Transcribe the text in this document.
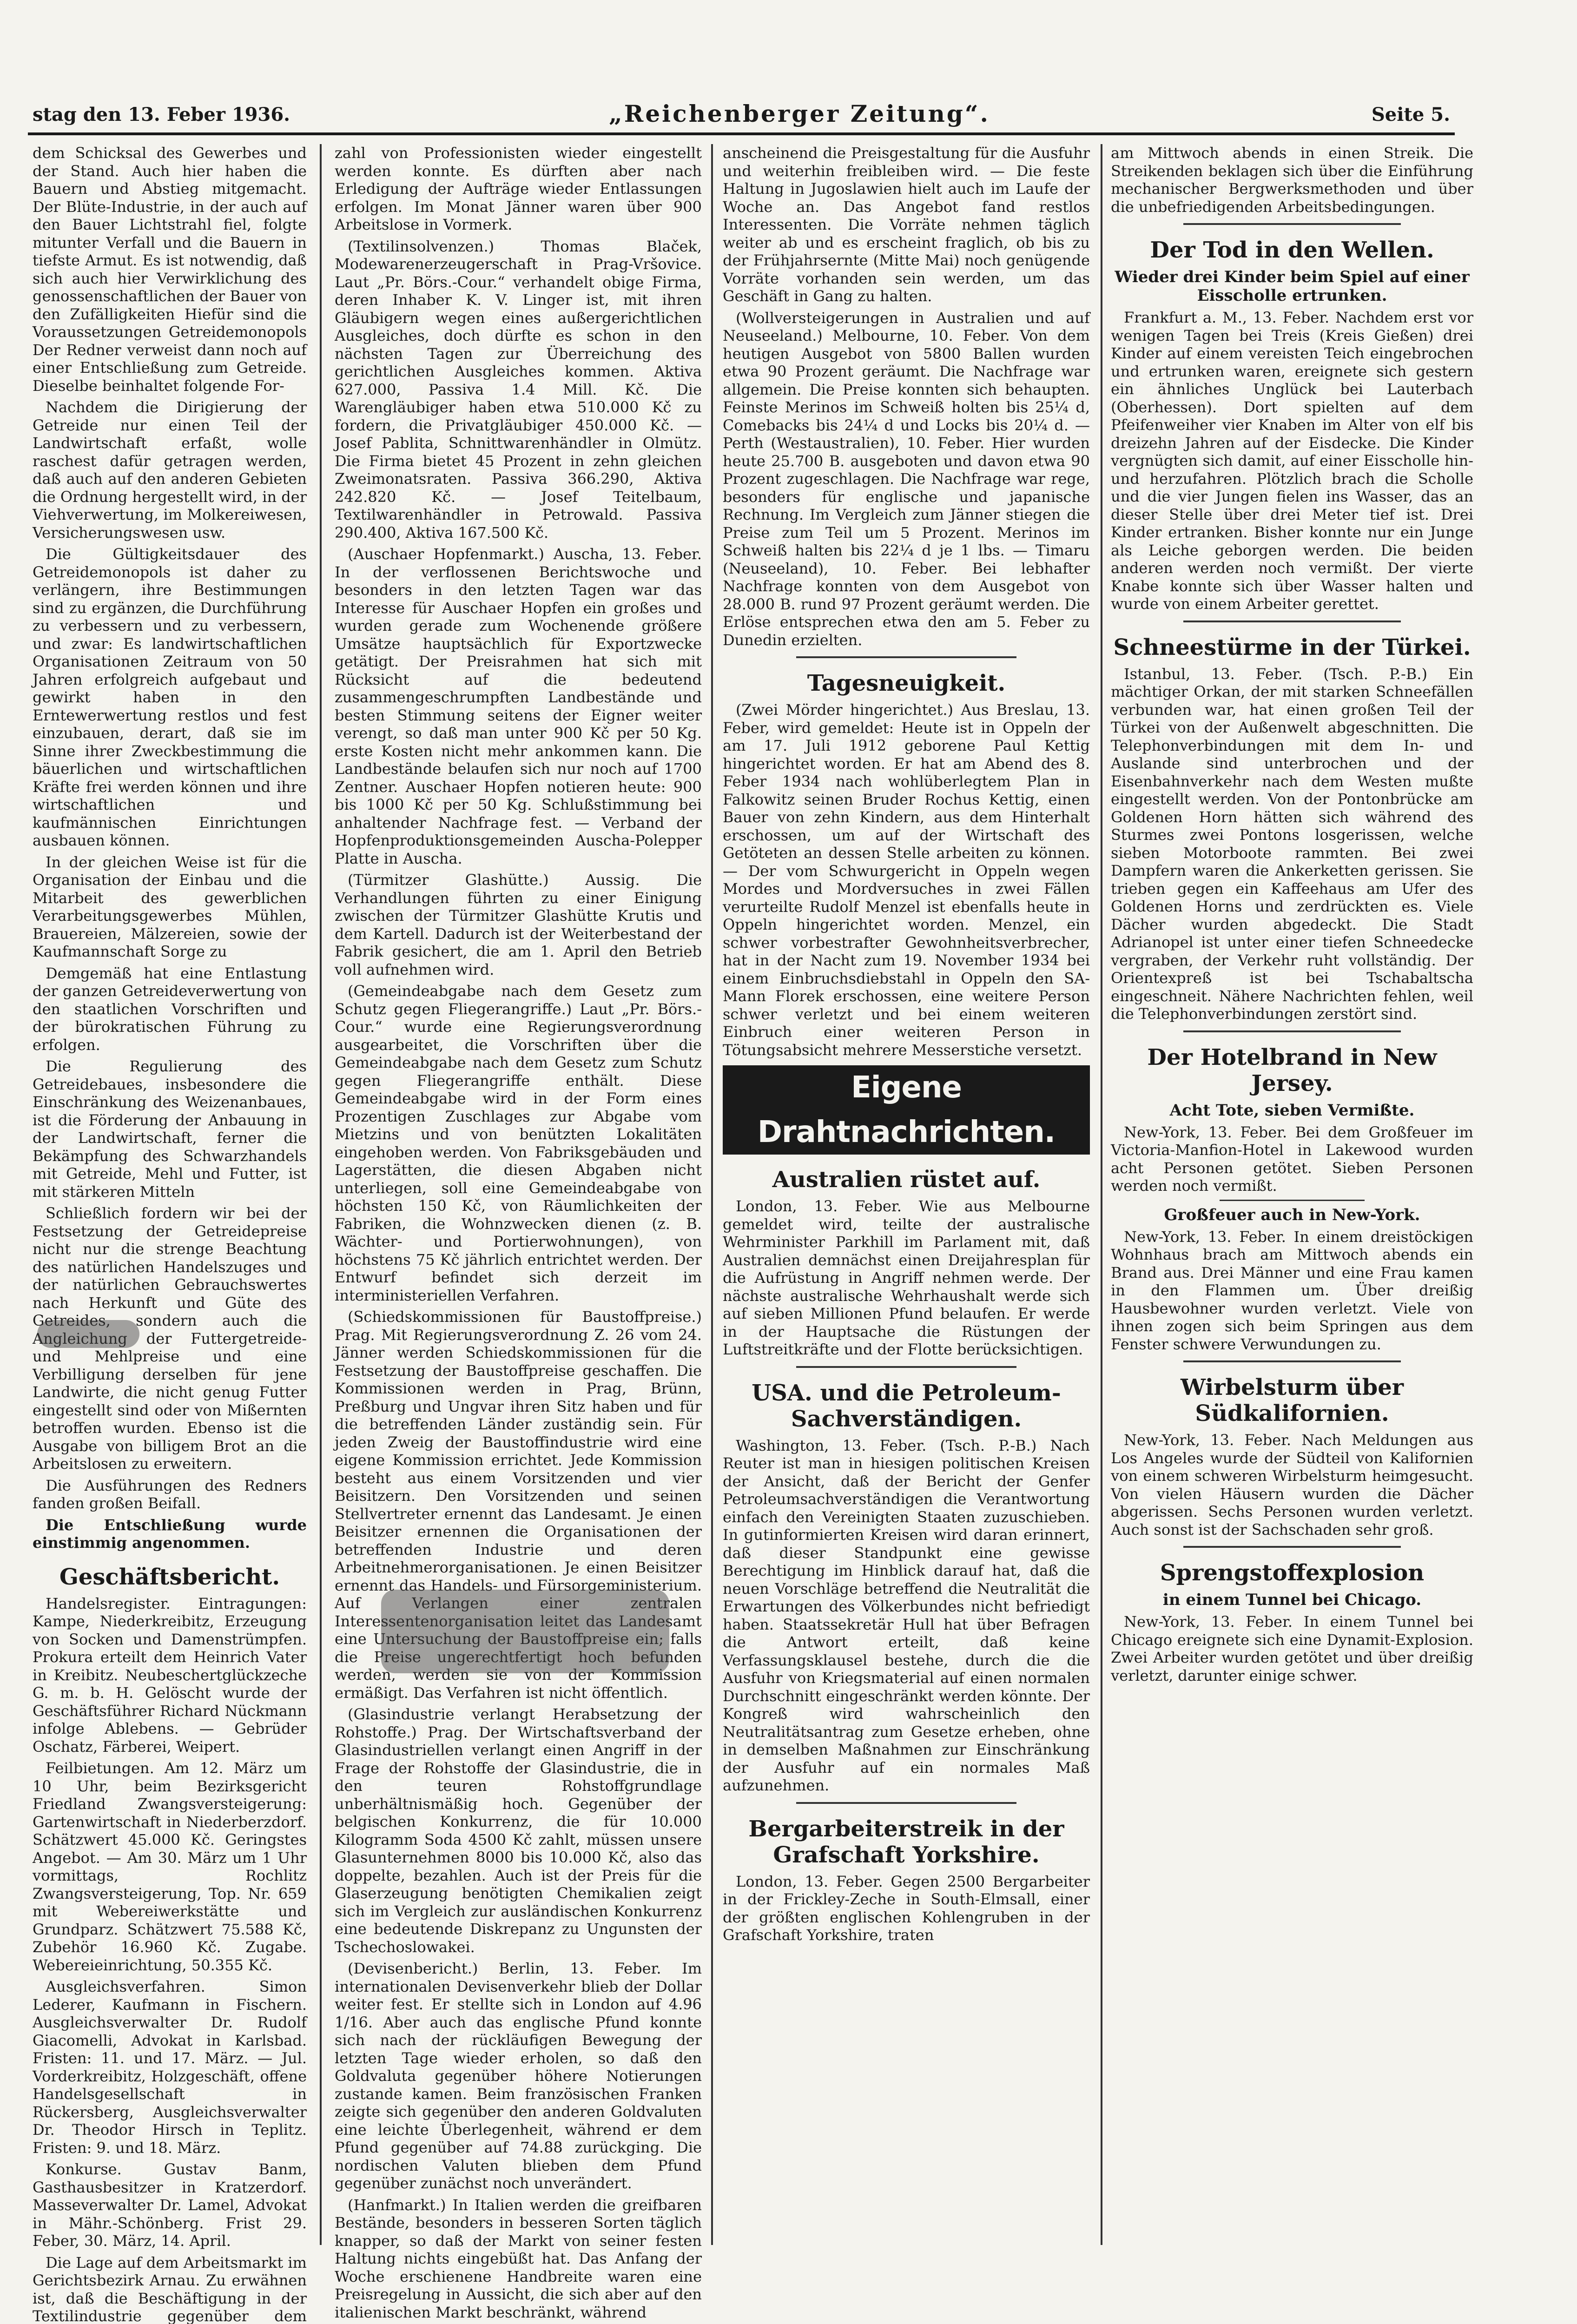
stag den 13. Feber 1936.	„Reichenberger Zeitung“.	Seite 5.

dem Schicksal des Gewerbes und der Stand. Auch hier haben die Bauern und Abstieg mitgemacht. Der Blüte-Industrie, in der auch auf den Bauer Lichtstrahl fiel, folgte mitunter Verfall und die Bauern in tiefste Armut. Es ist notwendig, daß sich auch hier Verwirklichung des genossenschaftlichen der Bauer von den Zufälligkeiten Hiefür sind die Voraussetzungen Getreidemonopols Der Redner verweist dann noch auf einer Entschließung zum Getreide. Dieselbe beinhaltet folgende For-

Nachdem die Dirigierung der Getreide nur einen Teil der Landwirtschaft erfaßt, wolle raschest dafür getragen werden, daß auch auf den anderen Gebieten die Ordnung hergestellt wird, in der Viehverwertung, im Molkereiwesen, Versicherungswesen usw.

Die Gültigkeitsdauer des Getreidemonopols ist daher zu verlängern, ihre Bestimmungen sind zu ergänzen, die Durchführung zu verbessern und zu verbessern, und zwar: Es landwirtschaftlichen Organisationen Zeitraum von 50 Jahren erfolgreich aufgebaut und gewirkt haben in den Erntewerwertung restlos und fest einzubauen, derart, daß sie im Sinne ihrer Zweckbestimmung die bäuerlichen und wirtschaftlichen Kräfte frei werden können und ihre wirtschaftlichen und kaufmännischen Einrichtungen ausbauen können.

In der gleichen Weise ist für die Organisation der Einbau und die Mitarbeit des gewerblichen Verarbeitungsgewerbes Mühlen, Brauereien, Mälzereien, sowie der Kaufmannschaft Sorge zu

Demgemäß hat eine Entlastung der ganzen Getreideverwertung von den staatlichen Vorschriften und der bürokratischen Führung zu erfolgen.

Die Regulierung des Getreidebaues, insbesondere die Einschränkung des Weizenanbaues, ist die Förderung der Anbauung in der Landwirtschaft, ferner die Bekämpfung des Schwarzhandels mit Getreide, Mehl und Futter, ist mit stärkeren Mitteln

Schließlich fordern wir bei der Festsetzung der Getreidepreise nicht nur die strenge Beachtung des natürlichen Handelszuges und der natürlichen Gebrauchswertes nach Herkunft und Güte des Getreides, sondern auch die Angleichung der Futtergetreide- und Mehlpreise und eine Verbilligung derselben für jene Landwirte, die nicht genug Futter eingestellt sind oder von Mißernten betroffen wurden. Ebenso ist die Ausgabe von billigem Brot an die Arbeitslosen zu erweitern.

Die Ausführungen des Redners fanden großen Beifall.

Die Entschließung wurde einstimmig angenommen.

Geschäftsbericht.

Handelsregister. Eintragungen: Kampe, Niederkreibitz, Erzeugung von Socken und Damenstrümpfen. Prokura erteilt dem Heinrich Vater in Kreibitz. Neubeschertglückzeche G. m. b. H. Gelöscht wurde der Geschäftsführer Richard Nückmann infolge Ablebens. — Gebrüder Oschatz, Färberei, Weipert.

Feilbietungen. Am 12. März um 10 Uhr, beim Bezirksgericht Friedland Zwangsversteigerung: Gartenwirtschaft in Niederberzdorf. Schätzwert 45.000 Kč. Geringstes Angebot. — Am 30. März um 1 Uhr vormittags, Rochlitz Zwangsversteigerung, Top. Nr. 659 mit Webereiwerkstätte und Grundparz. Schätzwert 75.588 Kč, Zubehör 16.960 Kč. Zugabe. Webereieinrichtung, 50.355 Kč.

Ausgleichsverfahren. Simon Lederer, Kaufmann in Fischern. Ausgleichsverwalter Dr. Rudolf Giacomelli, Advokat in Karlsbad. Fristen: 11. und 17. März. — Jul. Vorderkreibitz, Holzgeschäft, offene Handelsgesellschaft in Rückersberg, Ausgleichsverwalter Dr. Theodor Hirsch in Teplitz. Fristen: 9. und 18. März.

Konkurse. Gustav Banm, Gasthausbesitzer in Kratzerdorf. Masseverwalter Dr. Lamel, Advokat in Mähr.-Schönberg. Frist 29. Feber, 30. März, 14. April.

Die Lage auf dem Arbeitsmarkt im Gerichtsbezirk Arnau. Zu erwähnen ist, daß die Beschäftigung in der Textilindustrie gegenüber dem

zahl von Professionisten wieder eingestellt werden konnte. Es dürften aber nach Erledigung der Aufträge wieder Entlassungen erfolgen. Im Monat Jänner waren über 900 Arbeitslose in Vormerk.

(Textilinsolvenzen.) Thomas Blaček, Modewarenerzeugerschaft in Prag-Vršovice. Laut „Pr. Börs.-Cour.“ verhandelt obige Firma, deren Inhaber K. V. Linger ist, mit ihren Gläubigern wegen eines außergerichtlichen Ausgleiches, doch dürfte es schon in den nächsten Tagen zur Überreichung des gerichtlichen Ausgleiches kommen. Aktiva 627.000, Passiva 1.4 Mill. Kč. Die Warengläubiger haben etwa 510.000 Kč zu fordern, die Privatgläubiger 450.000 Kč. — Josef Pablita, Schnittwarenhändler in Olmütz. Die Firma bietet 45 Prozent in zehn gleichen Zweimonatsraten. Passiva 366.290, Aktiva 242.820 Kč. — Josef Teitelbaum, Textilwarenhändler in Petrowald. Passiva 290.400, Aktiva 167.500 Kč.

(Auschaer Hopfenmarkt.) Auscha, 13. Feber. In der verflossenen Berichtswoche und besonders in den letzten Tagen war das Interesse für Auschaer Hopfen ein großes und wurden gerade zum Wochenende größere Umsätze hauptsächlich für Exportzwecke getätigt. Der Preisrahmen hat sich mit Rücksicht auf die bedeutend zusammengeschrumpften Landbestände und besten Stimmung seitens der Eigner weiter verengt, so daß man unter 900 Kč per 50 Kg. erste Kosten nicht mehr ankommen kann. Die Landbestände belaufen sich nur noch auf 1700 Zentner. Auschaer Hopfen notieren heute: 900 bis 1000 Kč per 50 Kg. Schlußstimmung bei anhaltender Nachfrage fest. — Verband der Hopfenproduktionsgemeinden Auscha-Polepper Platte in Auscha.

(Türmitzer Glashütte.) Aussig. Die Verhandlungen führten zu einer Einigung zwischen der Türmitzer Glashütte Krutis und dem Kartell. Dadurch ist der Weiterbestand der Fabrik gesichert, die am 1. April den Betrieb voll aufnehmen wird.

(Gemeindeabgabe nach dem Gesetz zum Schutz gegen Fliegerangriffe.) Laut „Pr. Börs.-Cour.“ wurde eine Regierungsverordnung ausgearbeitet, die Vorschriften über die Gemeindeabgabe nach dem Gesetz zum Schutz gegen Fliegerangriffe enthält. Diese Gemeindeabgabe wird in der Form eines Prozentigen Zuschlages zur Abgabe vom Mietzins und von benützten Lokalitäten eingehoben werden. Von Fabriksgebäuden und Lagerstätten, die diesen Abgaben nicht unterliegen, soll eine Gemeindeabgabe von höchsten 150 Kč, von Räumlichkeiten der Fabriken, die Wohnzwecken dienen (z. B. Wächter- und Portierwohnungen), von höchstens 75 Kč jährlich entrichtet werden. Der Entwurf befindet sich derzeit im interministeriellen Verfahren.

(Schiedskommissionen für Baustoffpreise.) Prag. Mit Regierungsverordnung Z. 26 vom 24. Jänner werden Schiedskommissionen für die Festsetzung der Baustoffpreise geschaffen. Die Kommissionen werden in Prag, Brünn, Preßburg und Ungvar ihren Sitz haben und für die betreffenden Länder zuständig sein. Für jeden Zweig der Baustoffindustrie wird eine eigene Kommission errichtet. Jede Kommission besteht aus einem Vorsitzenden und vier Beisitzern. Den Vorsitzenden und seinen Stellvertreter ernennt das Landesamt. Je einen Beisitzer ernennen die Organisationen der betreffenden Industrie und deren Arbeitnehmerorganisationen. Je einen Beisitzer ernennt das Handels- und Fürsorgeministerium. Auf Verlangen einer zentralen Interessentenorganisation leitet das Landesamt eine Untersuchung der Baustoffpreise ein; falls die Preise ungerechtfertigt hoch befunden werden, werden sie von der Kommission ermäßigt. Das Verfahren ist nicht öffentlich.

(Glasindustrie verlangt Herabsetzung der Rohstoffe.) Prag. Der Wirtschaftsverband der Glasindustriellen verlangt einen Angriff in der Frage der Rohstoffe der Glasindustrie, die in den teuren Rohstoffgrundlage unberhältnismäßig hoch. Gegenüber der belgischen Konkurrenz, die für 10.000 Kilogramm Soda 4500 Kč zahlt, müssen unsere Glasunternehmen 8000 bis 10.000 Kč, also das doppelte, bezahlen. Auch ist der Preis für die Glaserzeugung benötigten Chemikalien zeigt sich im Vergleich zur ausländischen Konkurrenz eine bedeutende Diskrepanz zu Ungunsten der Tschechoslowakei.

(Devisenbericht.) Berlin, 13. Feber. Im internationalen Devisenverkehr blieb der Dollar weiter fest. Er stellte sich in London auf 4.96 1/16. Aber auch das englische Pfund konnte sich nach der rückläufigen Bewegung der letzten Tage wieder erholen, so daß den Goldvaluta gegenüber höhere Notierungen zustande kamen. Beim französischen Franken zeigte sich gegenüber den anderen Goldvaluten eine leichte Überlegenheit, während er dem Pfund gegenüber auf 74.88 zurückging. Die nordischen Valuten blieben dem Pfund gegenüber zunächst noch unverändert.

(Hanfmarkt.) In Italien werden die greifbaren Bestände, besonders in besseren Sorten täglich knapper, so daß der Markt von seiner festen Haltung nichts eingebüßt hat. Das Anfang der Woche erschienene Handbreite waren eine Preisregelung in Aussicht, die sich aber auf den italienischen Markt beschränkt, während

anscheinend die Preisgestaltung für die Ausfuhr und weiterhin freibleiben wird. — Die feste Haltung in Jugoslawien hielt auch im Laufe der Woche an. Das Angebot fand restlos Interessenten. Die Vorräte nehmen täglich weiter ab und es erscheint fraglich, ob bis zu der Frühjahrsernte (Mitte Mai) noch genügende Vorräte vorhanden sein werden, um das Geschäft in Gang zu halten.

(Wollversteigerungen in Australien und auf Neuseeland.) Melbourne, 10. Feber. Von dem heutigen Ausgebot von 5800 Ballen wurden etwa 90 Prozent geräumt. Die Nachfrage war allgemein. Die Preise konnten sich behaupten. Feinste Merinos im Schweiß holten bis 25¼ d, Comebacks bis 24¼ d und Locks bis 20¼ d. — Perth (Westaustralien), 10. Feber. Hier wurden heute 25.700 B. ausgeboten und davon etwa 90 Prozent zugeschlagen. Die Nachfrage war rege, besonders für englische und japanische Rechnung. Im Vergleich zum Jänner stiegen die Preise zum Teil um 5 Prozent. Merinos im Schweiß halten bis 22¼ d je 1 lbs. — Timaru (Neuseeland), 10. Feber. Bei lebhafter Nachfrage konnten von dem Ausgebot von 28.000 B. rund 97 Prozent geräumt werden. Die Erlöse entsprechen etwa den am 5. Feber zu Dunedin erzielten.

Tagesneuigkeit.

(Zwei Mörder hingerichtet.) Aus Breslau, 13. Feber, wird gemeldet: Heute ist in Oppeln der am 17. Juli 1912 geborene Paul Kettig hingerichtet worden. Er hat am Abend des 8. Feber 1934 nach wohlüberlegtem Plan in Falkowitz seinen Bruder Rochus Kettig, einen Bauer von zehn Kindern, aus dem Hinterhalt erschossen, um auf der Wirtschaft des Getöteten an dessen Stelle arbeiten zu können. — Der vom Schwurgericht in Oppeln wegen Mordes und Mordversuches in zwei Fällen verurteilte Rudolf Menzel ist ebenfalls heute in Oppeln hingerichtet worden. Menzel, ein schwer vorbestrafter Gewohnheitsverbrecher, hat in der Nacht zum 19. November 1934 bei einem Einbruchsdiebstahl in Oppeln den SA-Mann Florek erschossen, eine weitere Person schwer verletzt und bei einem weiteren Einbruch einer weiteren Person in Tötungsabsicht mehrere Messerstiche versetzt.

Eigene Drahtnachrichten.
Australien rüstet auf.

London, 13. Feber. Wie aus Melbourne gemeldet wird, teilte der australische Wehrminister Parkhill im Parlament mit, daß Australien demnächst einen Dreijahresplan für die Aufrüstung in Angriff nehmen werde. Der nächste australische Wehrhaushalt werde sich auf sieben Millionen Pfund belaufen. Er werde in der Hauptsache die Rüstungen der Luftstreitkräfte und der Flotte berücksichtigen.

USA. und die Petroleum-Sachverständigen.

Washington, 13. Feber. (Tsch. P.-B.) Nach Reuter ist man in hiesigen politischen Kreisen der Ansicht, daß der Bericht der Genfer Petroleumsachverständigen die Verantwortung einfach den Vereinigten Staaten zuzuschieben. In gutinformierten Kreisen wird daran erinnert, daß dieser Standpunkt eine gewisse Berechtigung im Hinblick darauf hat, daß die neuen Vorschläge betreffend die Neutralität die Erwartungen des Völkerbundes nicht befriedigt haben. Staatssekretär Hull hat über Befragen die Antwort erteilt, daß keine Verfassungsklausel bestehe, durch die die Ausfuhr von Kriegsmaterial auf einen normalen Durchschnitt eingeschränkt werden könnte. Der Kongreß wird wahrscheinlich den Neutralitätsantrag zum Gesetze erheben, ohne in demselben Maßnahmen zur Einschränkung der Ausfuhr auf ein normales Maß aufzunehmen.

Bergarbeiterstreik in der Grafschaft Yorkshire.

London, 13. Feber. Gegen 2500 Bergarbeiter in der Frickley-Zeche in South-Elmsall, einer der größten englischen Kohlengruben in der Grafschaft Yorkshire, traten

am Mittwoch abends in einen Streik. Die Streikenden beklagen sich über die Einführung mechanischer Bergwerksmethoden und über die unbefriedigenden Arbeitsbedingungen.

Der Tod in den Wellen.
Wieder drei Kinder beim Spiel auf einer Eisscholle ertrunken.

Frankfurt a. M., 13. Feber. Nachdem erst vor wenigen Tagen bei Treis (Kreis Gießen) drei Kinder auf einem vereisten Teich eingebrochen und ertrunken waren, ereignete sich gestern ein ähnliches Unglück bei Lauterbach (Oberhessen). Dort spielten auf dem Pfeifenweiher vier Knaben im Alter von elf bis dreizehn Jahren auf der Eisdecke. Die Kinder vergnügten sich damit, auf einer Eisscholle hin- und herzufahren. Plötzlich brach die Scholle und die vier Jungen fielen ins Wasser, das an dieser Stelle über drei Meter tief ist. Drei Kinder ertranken. Bisher konnte nur ein Junge als Leiche geborgen werden. Die beiden anderen werden noch vermißt. Der vierte Knabe konnte sich über Wasser halten und wurde von einem Arbeiter gerettet.

Schneestürme in der Türkei.

Istanbul, 13. Feber. (Tsch. P.-B.) Ein mächtiger Orkan, der mit starken Schneefällen verbunden war, hat einen großen Teil der Türkei von der Außenwelt abgeschnitten. Die Telephonverbindungen mit dem In- und Auslande sind unterbrochen und der Eisenbahnverkehr nach dem Westen mußte eingestellt werden. Von der Pontonbrücke am Goldenen Horn hätten sich während des Sturmes zwei Pontons losgerissen, welche sieben Motorboote rammten. Bei zwei Dampfern waren die Ankerketten gerissen. Sie trieben gegen ein Kaffeehaus am Ufer des Goldenen Horns und zerdrückten es. Viele Dächer wurden abgedeckt. Die Stadt Adrianopel ist unter einer tiefen Schneedecke vergraben, der Verkehr ruht vollständig. Der Orientexpreß ist bei Tschabaltscha eingeschneit. Nähere Nachrichten fehlen, weil die Telephonverbindungen zerstört sind.

Der Hotelbrand in New Jersey.
Acht Tote, sieben Vermißte.

New-York, 13. Feber. Bei dem Großfeuer im Victoria-Manfion-Hotel in Lakewood wurden acht Personen getötet. Sieben Personen werden noch vermißt.

Großfeuer auch in New-York.

New-York, 13. Feber. In einem dreistöckigen Wohnhaus brach am Mittwoch abends ein Brand aus. Drei Männer und eine Frau kamen in den Flammen um. Über dreißig Hausbewohner wurden verletzt. Viele von ihnen zogen sich beim Springen aus dem Fenster schwere Verwundungen zu.

Wirbelsturm über Südkalifornien.

New-York, 13. Feber. Nach Meldungen aus Los Angeles wurde der Südteil von Kalifornien von einem schweren Wirbelsturm heimgesucht. Von vielen Häusern wurden die Dächer abgerissen. Sechs Personen wurden verletzt. Auch sonst ist der Sachschaden sehr groß.

Sprengstoffexplosion
in einem Tunnel bei Chicago.

New-York, 13. Feber. In einem Tunnel bei Chicago ereignete sich eine Dynamit-Explosion. Zwei Arbeiter wurden getötet und über dreißig verletzt, darunter einige schwer.
